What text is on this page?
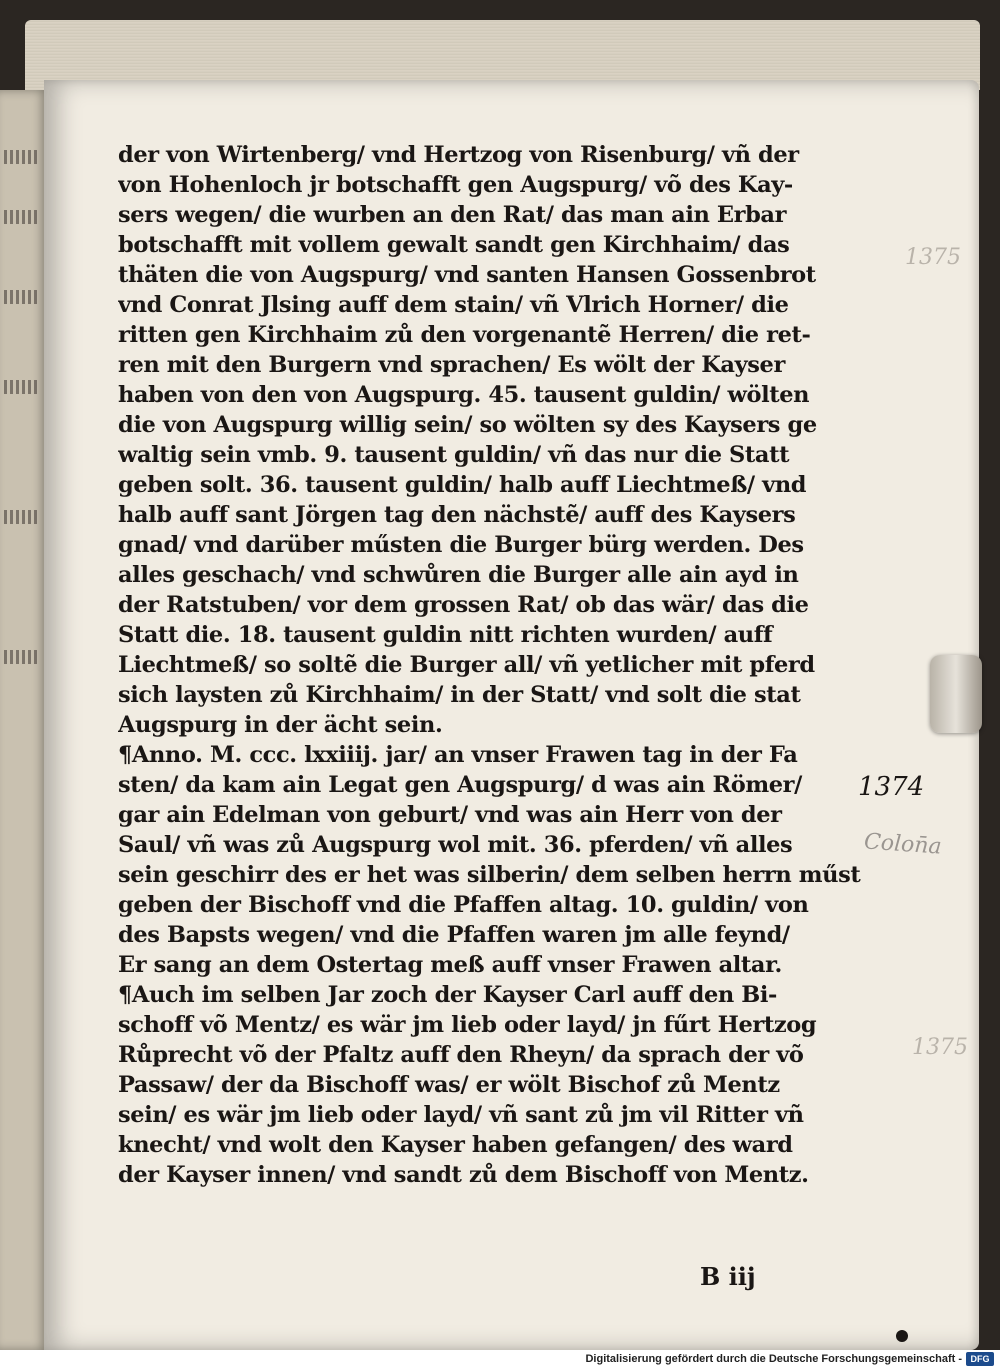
1375
1375
der von Wirtenberg/ vnd Hertzog von Risenburg/ vñ der
von Hohenloch jr botschafft gen Augspurg/ võ des Kay-
sers wegen/ die wurben an den Rat/ das man ain Erbar
botschafft mit vollem gewalt sandt gen Kirchhaim/ das
thäten die von Augspurg/ vnd santen Hansen Gossenbrot
vnd Conrat Jlsing auff dem stain/ vñ Vlrich Horner/ die
ritten gen Kirchhaim zů den vorgenantẽ Herren/ die ret-
ren mit den Burgern vnd sprachen/ Es wölt der Kayser
haben von den von Augspurg. 45. tausent guldin/ wölten
die von Augspurg willig sein/ so wölten sy des Kaysers ge
waltig sein vmb. 9. tausent guldin/ vñ das nur die Statt
geben solt. 36. tausent guldin/ halb auff Liechtmeß/ vnd
halb auff sant Jörgen tag den nächstẽ/ auff des Kaysers
gnad/ vnd darüber műsten die Burger bürg werden. Des
alles geschach/ vnd schwůren die Burger alle ain ayd in
der Ratstuben/ vor dem grossen Rat/ ob das wär/ das die
Statt die. 18. tausent guldin nitt richten wurden/ auff
Liechtmeß/ so soltẽ die Burger all/ vñ yetlicher mit pferd
sich laysten zů Kirchhaim/ in der Statt/ vnd solt die stat
Augspurg in der ächt sein.
¶Anno. M. ccc. lxxiiij. jar/ an vnser Frawen tag in der Fa
sten/ da kam ain Legat gen Augspurg/ d was ain Römer/
gar ain Edelman von geburt/ vnd was ain Herr von der
Saul/ vñ was zů Augspurg wol mit. 36. pferden/ vñ alles
sein geschirr des er het was silberin/ dem selben herrn műst
geben der Bischoff vnd die Pfaffen altag. 10. guldin/ von
des Bapsts wegen/ vnd die Pfaffen waren jm alle feynd/
Er sang an dem Ostertag meß auff vnser Frawen altar.
¶Auch im selben Jar zoch der Kayser Carl auff den Bi-
schoff võ Mentz/ es wär jm lieb oder layd/ jn fűrt Hertzog
Růprecht võ der Pfaltz auff den Rheyn/ da sprach der võ
Passaw/ der da Bischoff was/ er wölt Bischof zů Mentz
sein/ es wär jm lieb oder layd/ vñ sant zů jm vil Ritter vñ
knecht/ vnd wolt den Kayser haben gefangen/ des ward
der Kayser innen/ vnd sandt zů dem Bischoff von Mentz.
1374
Colon̄a
B iij
Digitalisierung gefördert durch die Deutsche Forschungsgemeinschaft - DFG
